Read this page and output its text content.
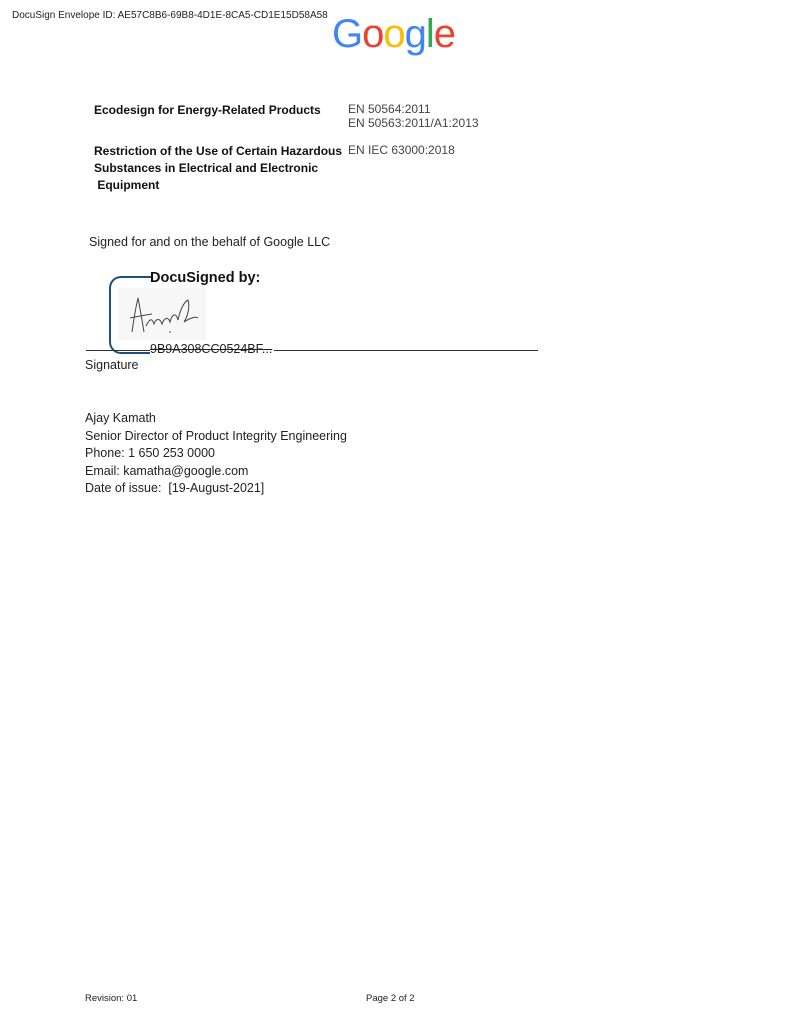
DocuSign Envelope ID: AE57C8B6-69B8-4D1E-8CA5-CD1E15D58A58 Google
Ecodesign for Energy-Related Products	EN 50564:2011
EN 50563:2011/A1:2013
Restriction of the Use of Certain Hazardous
Substances in Electrical and Electronic
Equipment
EN IEC 63000:2018
Signed for and on the behalf of Google LLC
DocuSigned by:
9B9A308CC0524BF...
Signature
Ajay Kamath
Senior Director of Product Integrity Engineering
Phone: 1 650 253 0000
Email: kamatha@google.com
Date of issue:  [19-August-2021]
Revision: 01	Page 2 of 2
